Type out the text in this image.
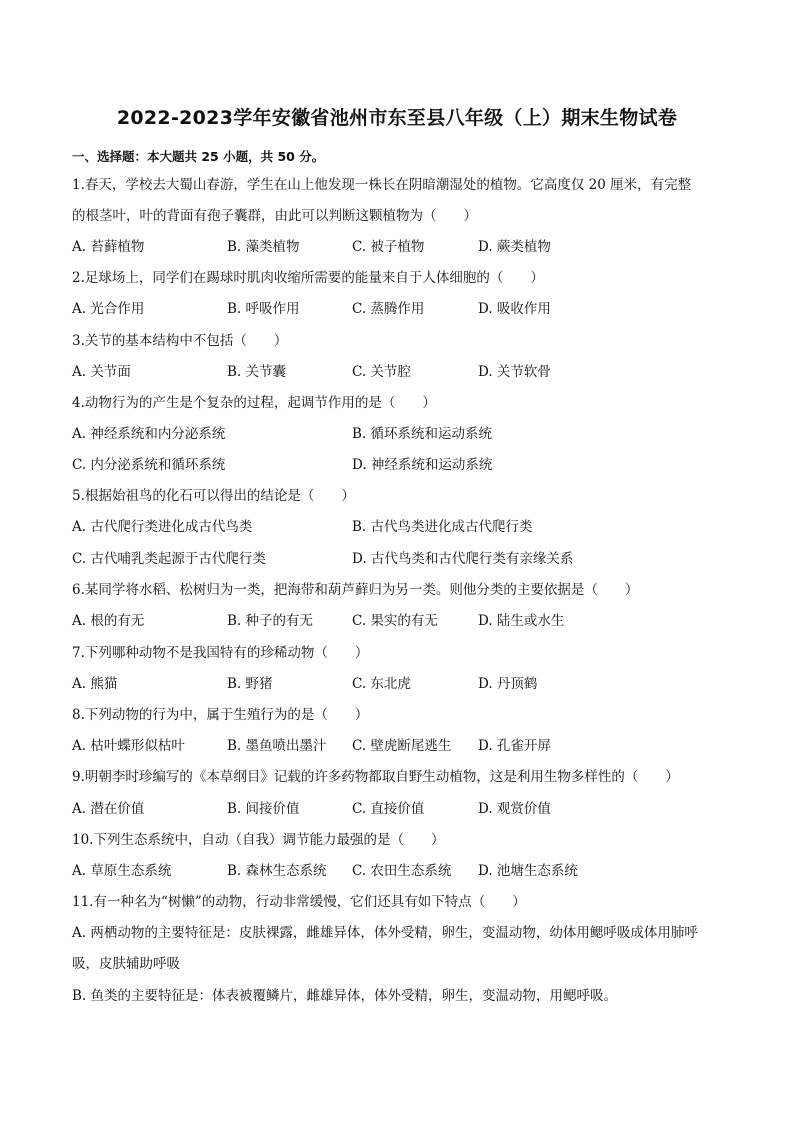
2022-2023学年安徽省池州市东至县八年级（上）期末生物试卷
一、选择题：本大题共 25 小题，共 50 分。
1.春天，学校去大蜀山春游，学生在山上他发现一株长在阴暗潮湿处的植物。它高度仅 20 厘米，有完整
的根茎叶，叶的背面有孢子囊群，由此可以判断这颗植物为（　　）
A. 苔藓植物	B. 藻类植物	C. 被子植物	D. 蕨类植物
2.足球场上，同学们在踢球时肌肉收缩所需要的能量来自于人体细胞的（　　）
A. 光合作用	B. 呼吸作用	C. 蒸腾作用	D. 吸收作用
3.关节的基本结构中不包括（　　）
A. 关节面	B. 关节囊	C. 关节腔	D. 关节软骨
4.动物行为的产生是个复杂的过程，起调节作用的是（　　）
A. 神经系统和内分泌系统	B. 循环系统和运动系统
C. 内分泌系统和循环系统	D. 神经系统和运动系统
5.根据始祖鸟的化石可以得出的结论是（　　）
A. 古代爬行类进化成古代鸟类	B. 古代鸟类进化成古代爬行类
C. 古代哺乳类起源于古代爬行类	D. 古代鸟类和古代爬行类有亲缘关系
6.某同学将水稻、松树归为一类，把海带和葫芦藓归为另一类。则他分类的主要依据是（　　）
A. 根的有无	B. 种子的有无	C. 果实的有无	D. 陆生或水生
7.下列哪种动物不是我国特有的珍稀动物（　　）
A. 熊猫	B. 野猪	C. 东北虎	D. 丹顶鹤
8.下列动物的行为中，属于生殖行为的是（　　）
A. 枯叶蝶形似枯叶	B. 墨鱼喷出墨汁 C. 壁虎断尾逃生 D. 孔雀开屏
9.明朝李时珍编写的《本草纲目》记载的许多药物都取自野生动植物，这是利用生物多样性的（　　）
A. 潜在价值	B. 间接价值	C. 直接价值	D. 观赏价值
10.下列生态系统中，自动（自我）调节能力最强的是（　　）
A. 草原生态系统	B. 森林生态系统 C. 农田生态系统 D. 池塘生态系统
11.有一种名为“树懒”的动物，行动非常缓慢，它们还具有如下特点（　　）
A. 两栖动物的主要特征是：皮肤裸露，雌雄异体，体外受精，卵生，变温动物，幼体用鳃呼吸成体用肺呼
吸，皮肤辅助呼吸
B. 鱼类的主要特征是：体表被覆鳞片，雌雄异体，体外受精，卵生，变温动物，用鳃呼吸。
